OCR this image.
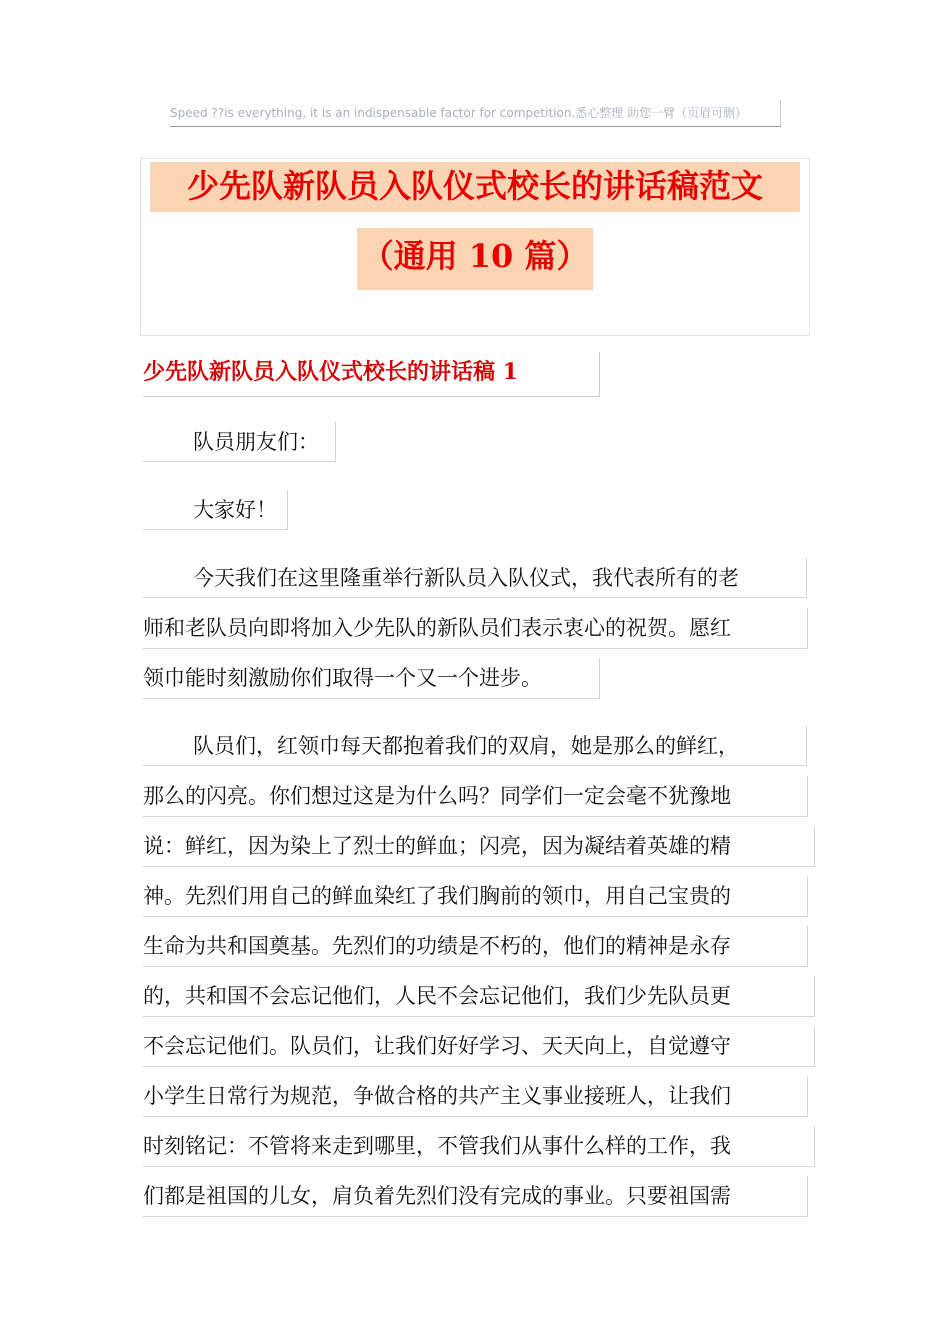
Speed ??is everything, it is an indispensable factor for competition.悉心整理 助您一臂（页眉可删）
少先队新队员入队仪式校长的讲话稿范文
（通用 10 篇）
少先队新队员入队仪式校长的讲话稿 1
队员朋友们：
大家好！
今天我们在这里隆重举行新队员入队仪式，我代表所有的老
师和老队员向即将加入少先队的新队员们表示衷心的祝贺。愿红
领巾能时刻激励你们取得一个又一个进步。
队员们，红领巾每天都抱着我们的双肩，她是那么的鲜红，
那么的闪亮。你们想过这是为什么吗？同学们一定会毫不犹豫地
说：鲜红，因为染上了烈士的鲜血；闪亮，因为凝结着英雄的精
神。先烈们用自己的鲜血染红了我们胸前的领巾，用自己宝贵的
生命为共和国奠基。先烈们的功绩是不朽的，他们的精神是永存
的，共和国不会忘记他们，人民不会忘记他们，我们少先队员更
不会忘记他们。队员们，让我们好好学习、天天向上，自觉遵守
小学生日常行为规范，争做合格的共产主义事业接班人，让我们
时刻铭记：不管将来走到哪里，不管我们从事什么样的工作，我
们都是祖国的儿女，肩负着先烈们没有完成的事业。只要祖国需
